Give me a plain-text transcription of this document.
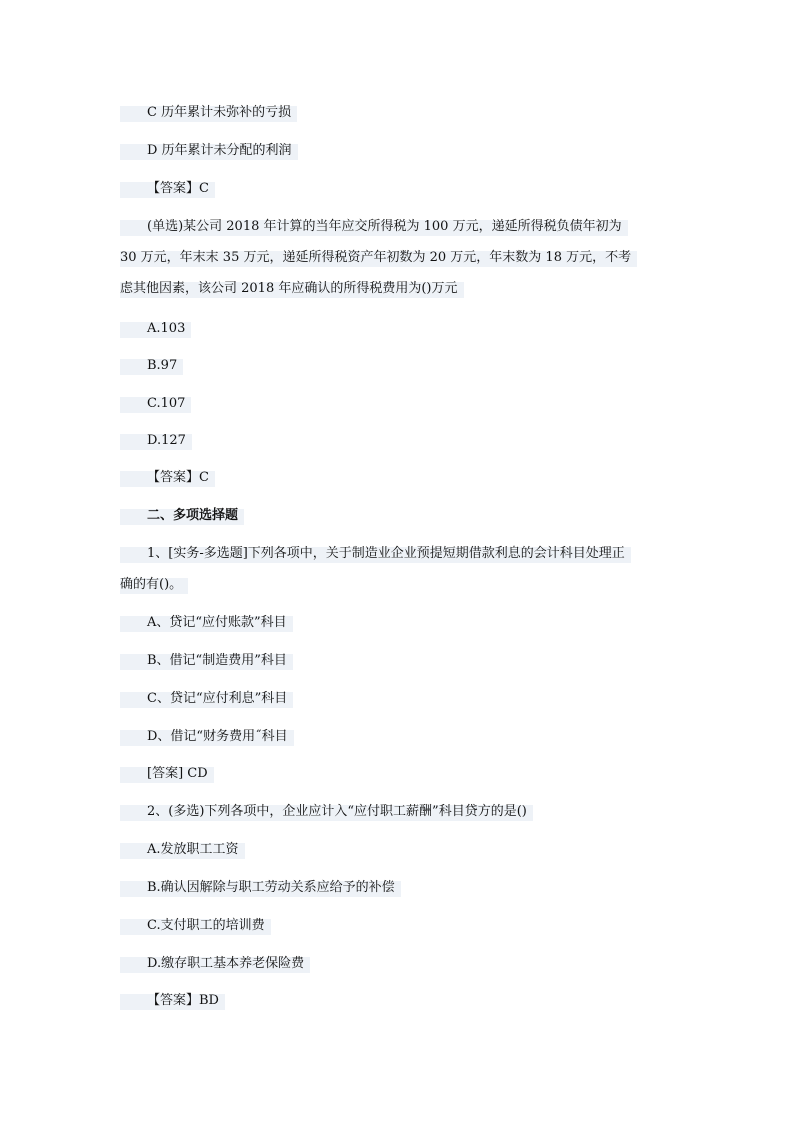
C 历年累计未弥补的亏损
D 历年累计未分配的利润
【答案】C
(单选)某公司 2018 年计算的当年应交所得税为 100 万元，递延所得税负债年初为
30 万元，年末末 35 万元，递延所得税资产年初数为 20 万元，年末数为 18 万元，不考
虑其他因素，该公司 2018 年应确认的所得税费用为()万元
A.103
B.97
C.107
D.127
【答案】C
二、多项选择题
1、[实务-多选题]下列各项中，关于制造业企业预提短期借款利息的会计科目处理正
确的有()。
A、贷记“应付账款”科目
B、借记“制造费用”科目
C、贷记“应付利息”科目
D、借记“财务费用˝科目
[答案] CD
2、(多选)下列各项中，企业应计入“应付职工薪酬”科目贷方的是()
A.发放职工工资
B.确认因解除与职工劳动关系应给予的补偿
C.支付职工的培训费
D.缴存职工基本养老保险费
【答案】BD
